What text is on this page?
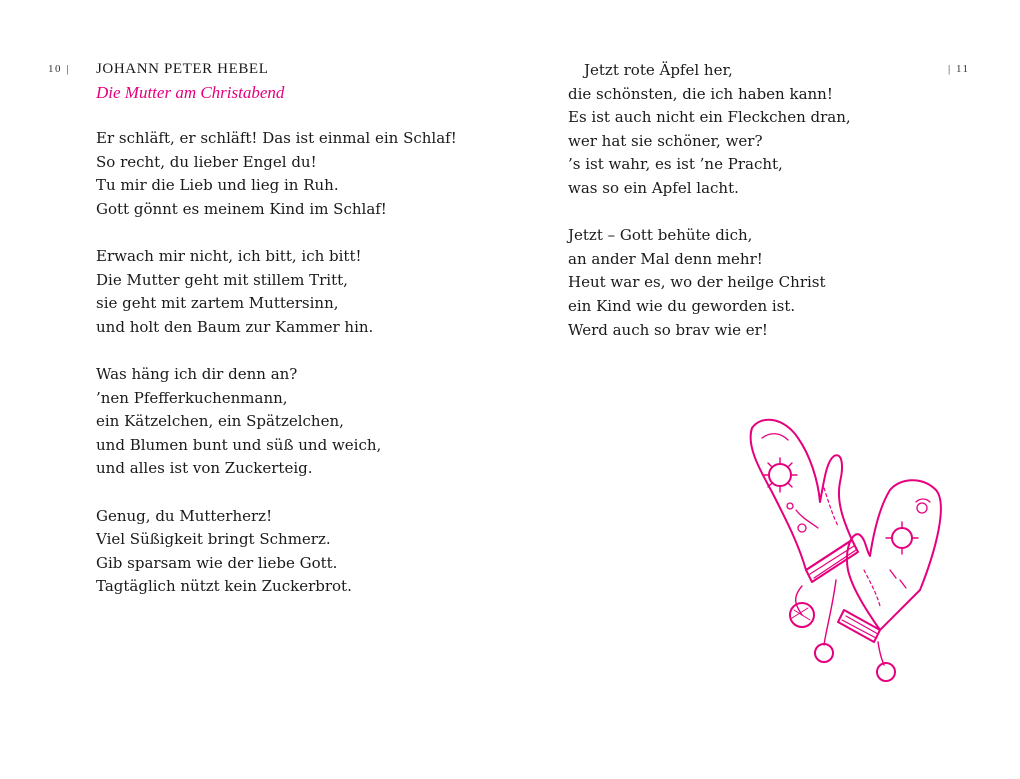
10 |	| 11
JOHANN PETER HEBEL
Die Mutter am Christabend
Er schläft, er schläft! Das ist einmal ein Schlaf!
So recht, du lieber Engel du!
Tu mir die Lieb und lieg in Ruh.
Gott gönnt es meinem Kind im Schlaf!
Erwach mir nicht, ich bitt, ich bitt!
Die Mutter geht mit stillem Tritt,
sie geht mit zartem Muttersinn,
und holt den Baum zur Kammer hin.
Was häng ich dir denn an?
’nen Pfefferkuchenmann,
ein Kätzelchen, ein Spätzelchen,
und Blumen bunt und süß und weich,
und alles ist von Zuckerteig.
Genug, du Mutterherz!
Viel Süßigkeit bringt Schmerz.
Gib sparsam wie der liebe Gott.
Tagtäglich nützt kein Zuckerbrot.
Jetzt rote Äpfel her,
die schönsten, die ich haben kann!
Es ist auch nicht ein Fleckchen dran,
wer hat sie schöner, wer?
’s ist wahr, es ist ’ne Pracht,
was so ein Apfel lacht.
Jetzt – Gott behüte dich,
an ander Mal denn mehr!
Heut war es, wo der heilge Christ
ein Kind wie du geworden ist.
Werd auch so brav wie er!
